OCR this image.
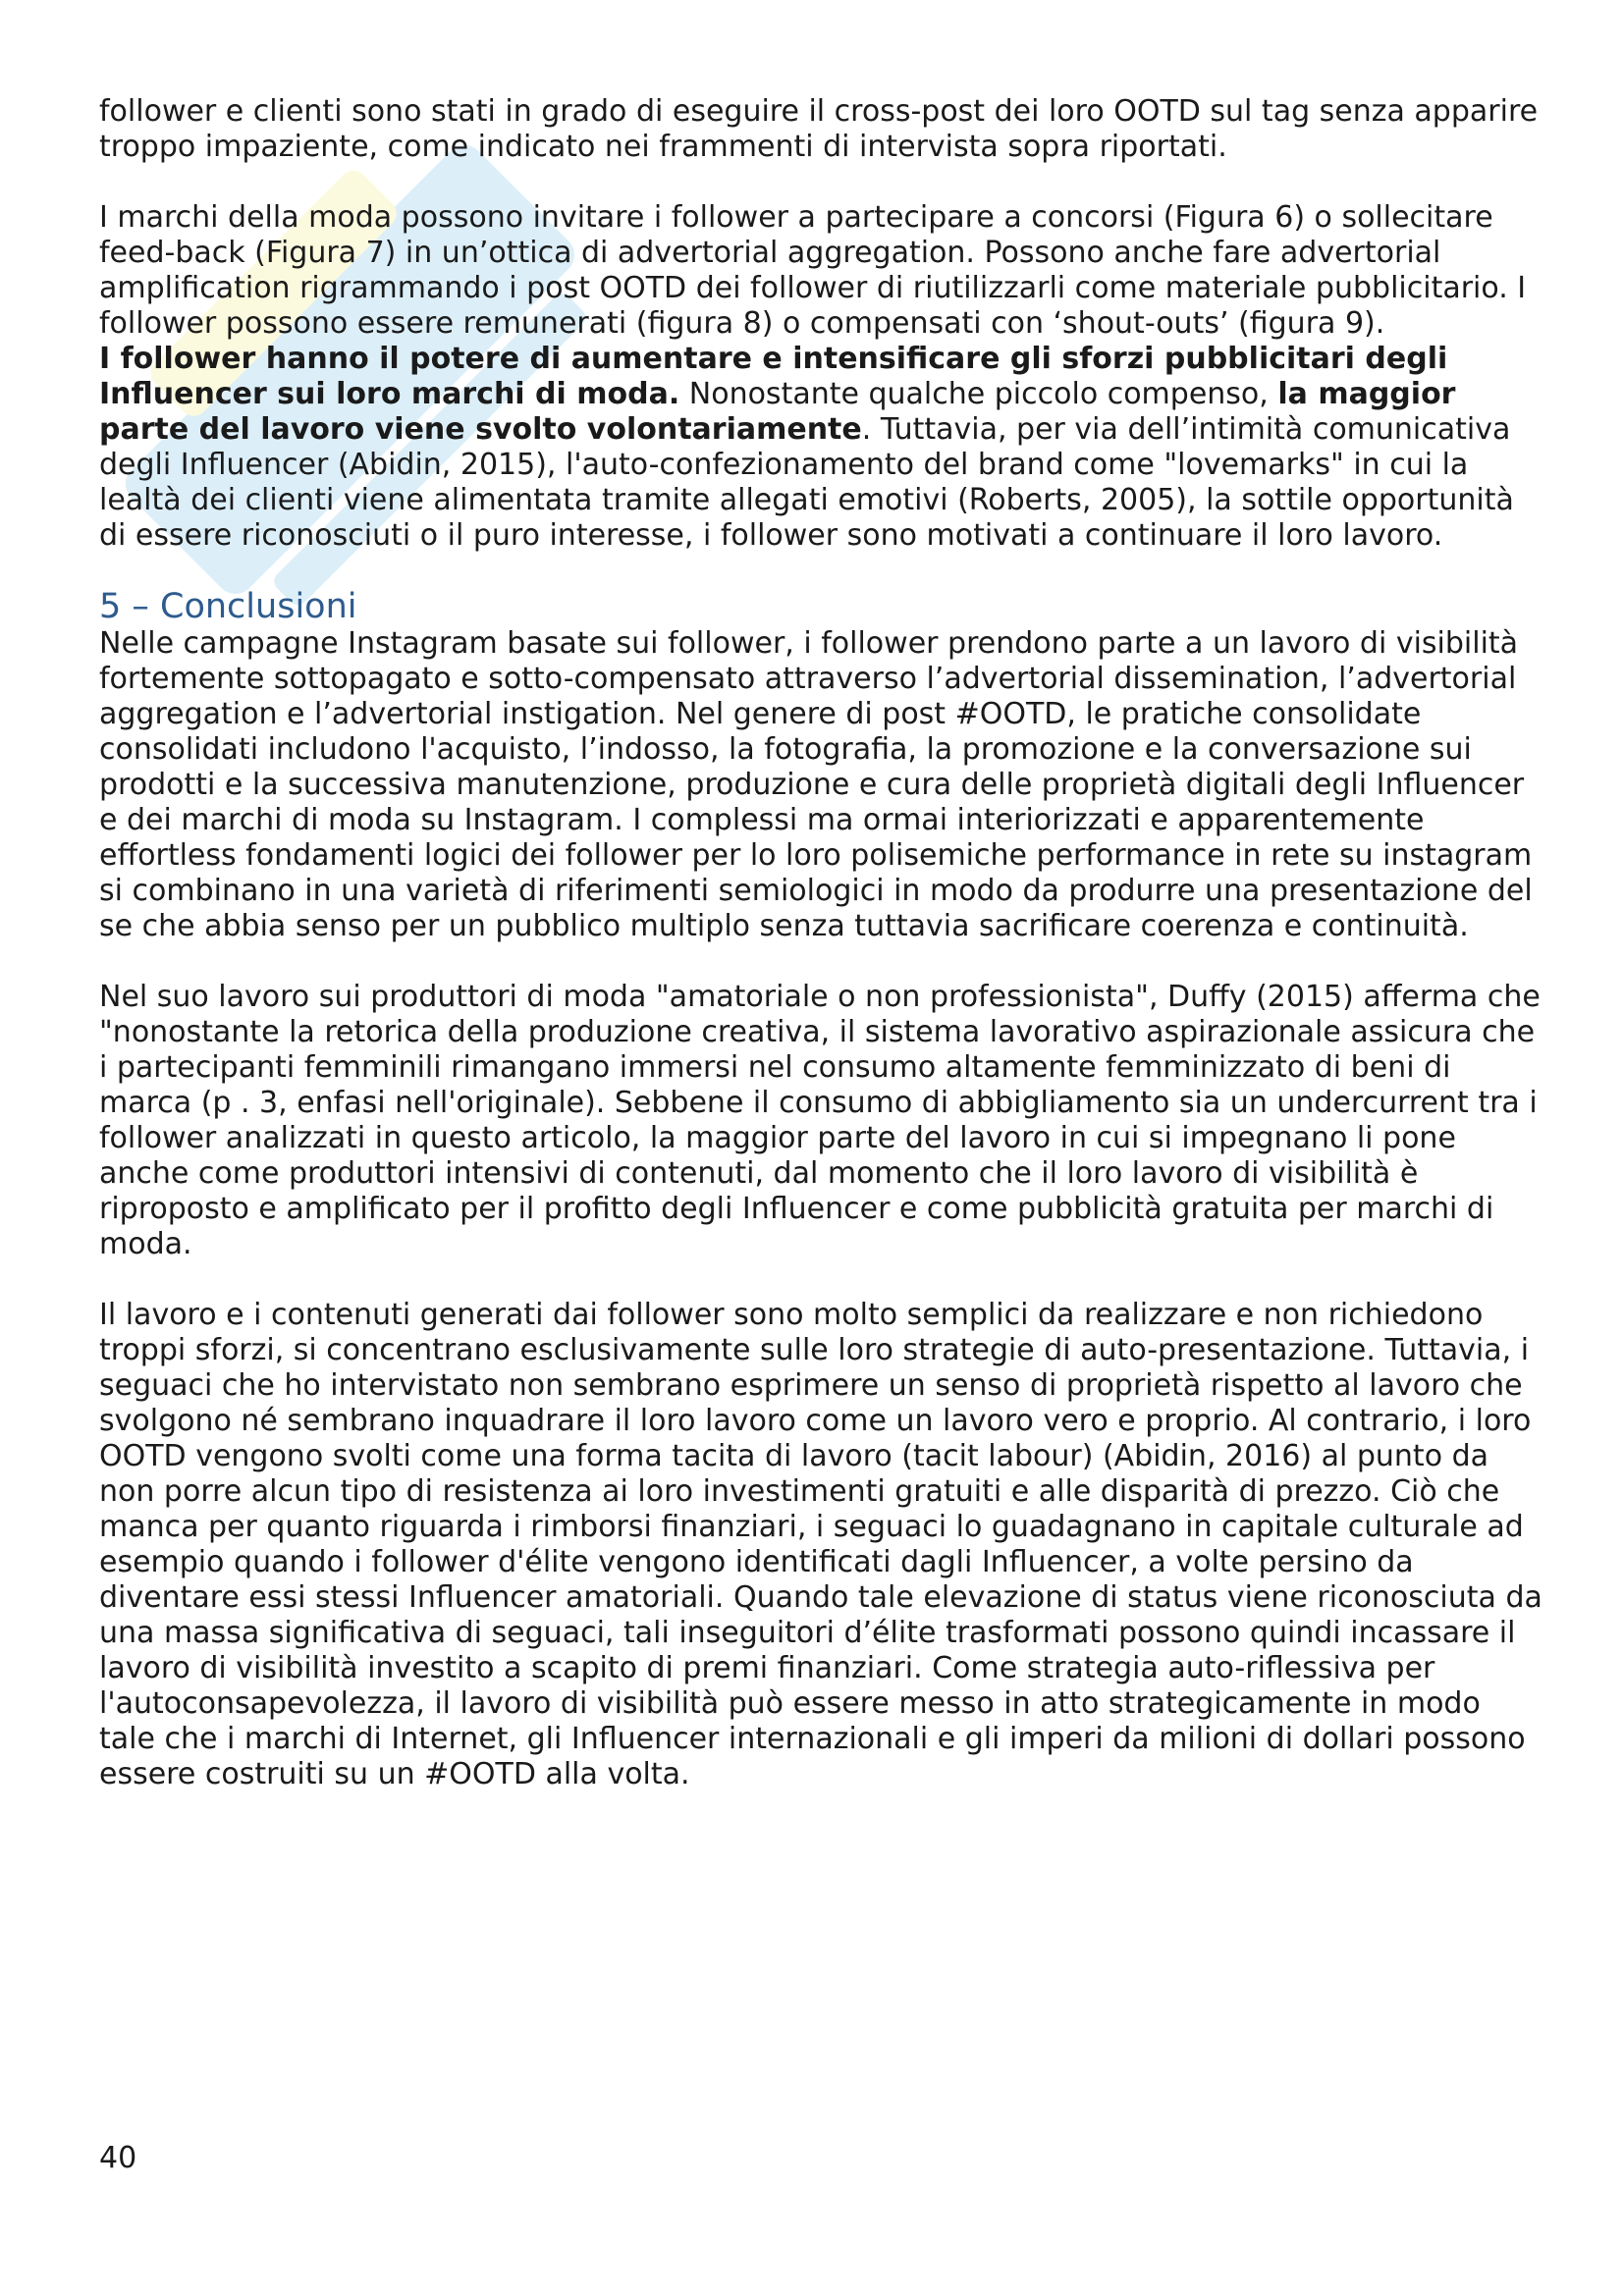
follower e clienti sono stati in grado di eseguire il cross-post dei loro OOTD sul tag senza apparire troppo impaziente, come indicato nei frammenti di intervista sopra riportati.

I marchi della moda possono invitare i follower a partecipare a concorsi (Figura 6) o sollecitare feed-back (Figura 7) in un’ottica di advertorial aggregation. Possono anche fare advertorial amplification rigrammando i post OOTD dei follower di riutilizzarli come materiale pubblicitario. I follower possono essere remunerati (figura 8) o compensati con ‘shout-outs’ (figura 9).

I follower hanno il potere di aumentare e intensificare gli sforzi pubblicitari degli Influencer sui loro marchi di moda. Nonostante qualche piccolo compenso, la maggior parte del lavoro viene svolto volontariamente. Tuttavia, per via dell’intimità comunicativa degli Influencer (Abidin, 2015), l'auto-confezionamento del brand come "lovemarks" in cui la lealtà dei clienti viene alimentata tramite allegati emotivi (Roberts, 2005), la sottile opportunità di essere riconosciuti o il puro interesse, i follower sono motivati a continuare il loro lavoro.

5 – Conclusioni

Nelle campagne Instagram basate sui follower, i follower prendono parte a un lavoro di visibilità fortemente sottopagato e sotto-compensato attraverso l’advertorial dissemination, l’advertorial aggregation e l’advertorial instigation. Nel genere di post #OOTD, le pratiche consolidate consolidati includono l'acquisto, l’indosso, la fotografia, la promozione e la conversazione sui prodotti e la successiva manutenzione, produzione e cura delle proprietà digitali degli Influencer e dei marchi di moda su Instagram. I complessi ma ormai interiorizzati e apparentemente effortless fondamenti logici dei follower per lo loro polisemiche performance in rete su instagram si combinano in una varietà di riferimenti semiologici in modo da produrre una presentazione del se che abbia senso per un pubblico multiplo senza tuttavia sacrificare coerenza e continuità.

Nel suo lavoro sui produttori di moda "amatoriale o non professionista", Duffy (2015) afferma che "nonostante la retorica della produzione creativa, il sistema lavorativo aspirazionale assicura che i partecipanti femminili rimangano immersi nel consumo altamente femminizzato di beni di marca (p . 3, enfasi nell'originale). Sebbene il consumo di abbigliamento sia un undercurrent tra i follower analizzati in questo articolo, la maggior parte del lavoro in cui si impegnano li pone anche come produttori intensivi di contenuti, dal momento che il loro lavoro di visibilità è riproposto e amplificato per il profitto degli Influencer e come pubblicità gratuita per marchi di moda.

Il lavoro e i contenuti generati dai follower sono molto semplici da realizzare e non richiedono troppi sforzi, si concentrano esclusivamente sulle loro strategie di auto-presentazione. Tuttavia, i seguaci che ho intervistato non sembrano esprimere un senso di proprietà rispetto al lavoro che svolgono né sembrano inquadrare il loro lavoro come un lavoro vero e proprio. Al contrario, i loro OOTD vengono svolti come una forma tacita di lavoro (tacit labour) (Abidin, 2016) al punto da non porre alcun tipo di resistenza ai loro investimenti gratuiti e alle disparità di prezzo. Ciò che manca per quanto riguarda i rimborsi finanziari, i seguaci lo guadagnano in capitale culturale ad esempio quando i follower d'élite vengono identificati dagli Influencer, a volte persino da diventare essi stessi Influencer amatoriali. Quando tale elevazione di status viene riconosciuta da una massa significativa di seguaci, tali inseguitori d’élite trasformati possono quindi incassare il lavoro di visibilità investito a scapito di premi finanziari. Come strategia auto-riflessiva per l'autoconsapevolezza, il lavoro di visibilità può essere messo in atto strategicamente in modo tale che i marchi di Internet, gli Influencer internazionali e gli imperi da milioni di dollari possono essere costruiti su un #OOTD alla volta.

40
